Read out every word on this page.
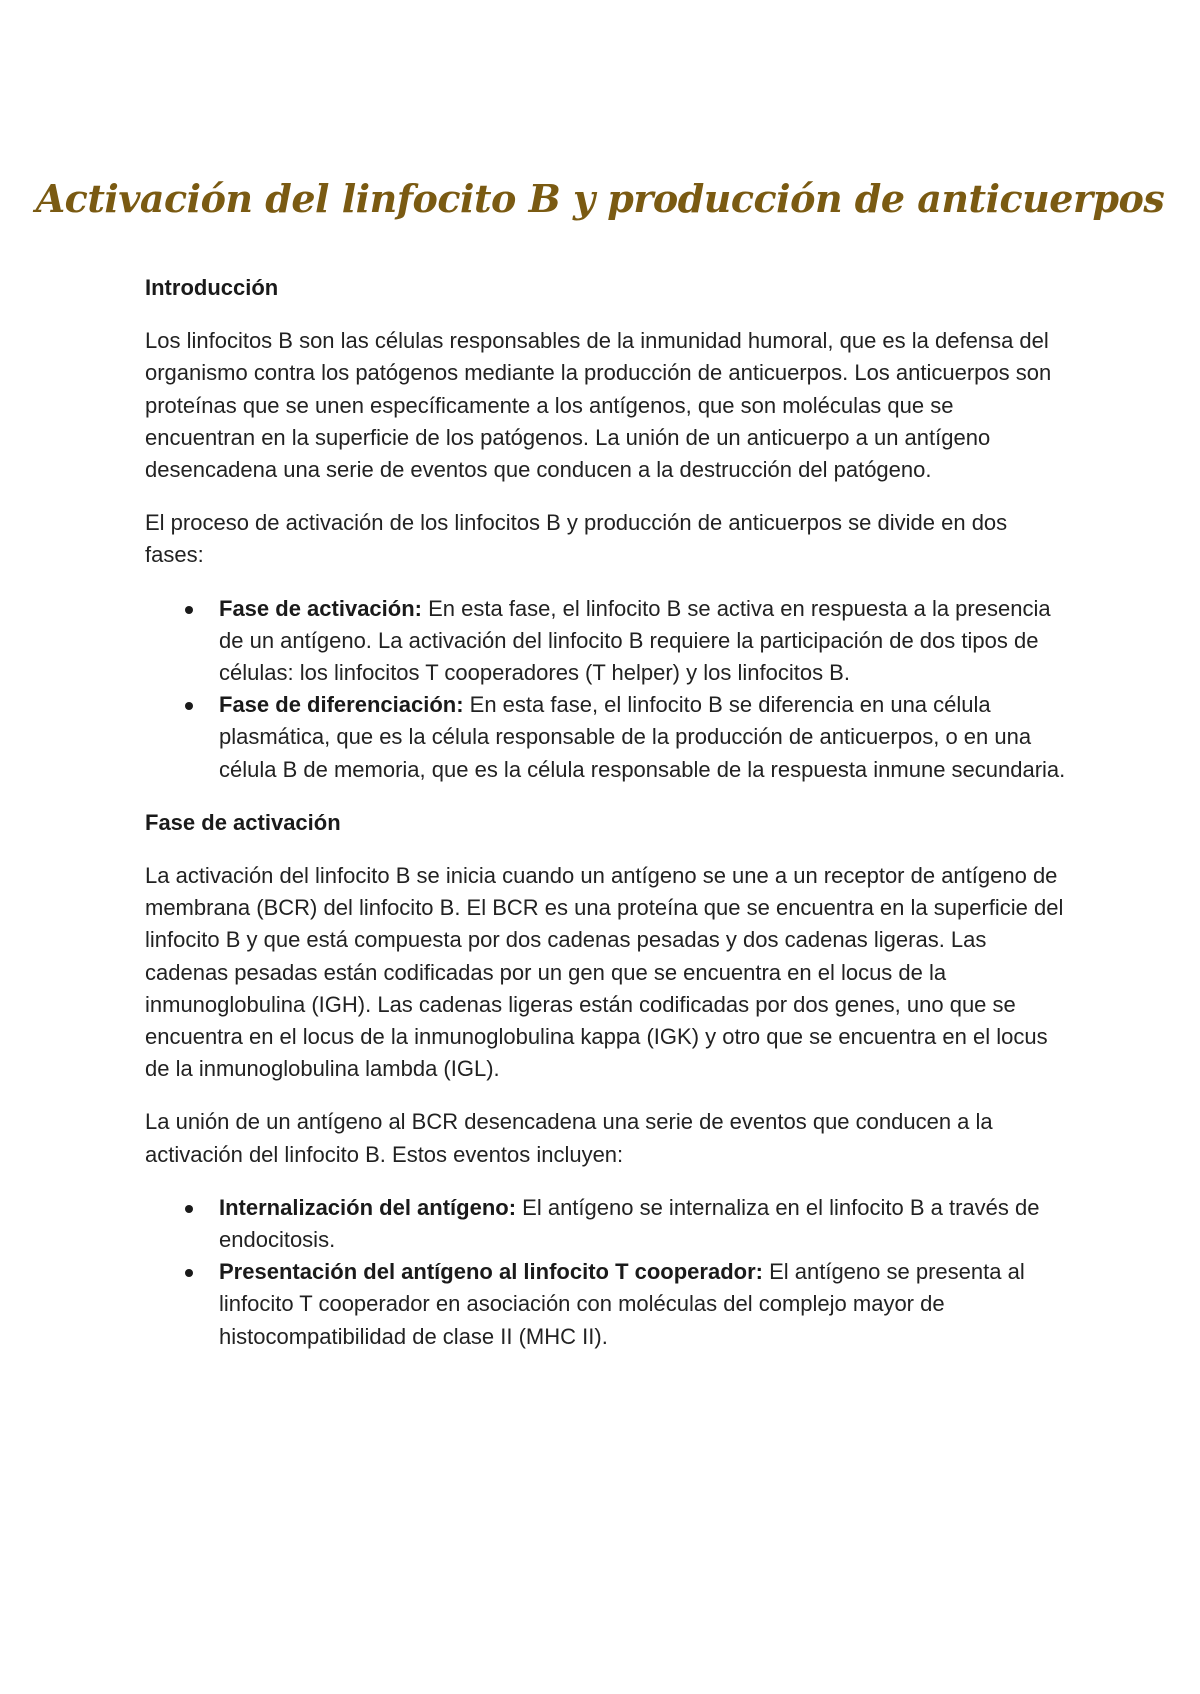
Activación del linfocito B y producción de anticuerpos

Introducción

Los linfocitos B son las células responsables de la inmunidad humoral, que es la defensa del organismo contra los patógenos mediante la producción de anticuerpos. Los anticuerpos son proteínas que se unen específicamente a los antígenos, que son moléculas que se encuentran en la superficie de los patógenos. La unión de un anticuerpo a un antígeno desencadena una serie de eventos que conducen a la destrucción del patógeno.

El proceso de activación de los linfocitos B y producción de anticuerpos se divide en dos fases:

Fase de activación: En esta fase, el linfocito B se activa en respuesta a la presencia de un antígeno. La activación del linfocito B requiere la participación de dos tipos de células: los linfocitos T cooperadores (T helper) y los linfocitos B.
Fase de diferenciación: En esta fase, el linfocito B se diferencia en una célula plasmática, que es la célula responsable de la producción de anticuerpos, o en una célula B de memoria, que es la célula responsable de la respuesta inmune secundaria.

Fase de activación

La activación del linfocito B se inicia cuando un antígeno se une a un receptor de antígeno de membrana (BCR) del linfocito B. El BCR es una proteína que se encuentra en la superficie del linfocito B y que está compuesta por dos cadenas pesadas y dos cadenas ligeras. Las cadenas pesadas están codificadas por un gen que se encuentra en el locus de la inmunoglobulina (IGH). Las cadenas ligeras están codificadas por dos genes, uno que se encuentra en el locus de la inmunoglobulina kappa (IGK) y otro que se encuentra en el locus de la inmunoglobulina lambda (IGL).

La unión de un antígeno al BCR desencadena una serie de eventos que conducen a la activación del linfocito B. Estos eventos incluyen:

Internalización del antígeno: El antígeno se internaliza en el linfocito B a través de endocitosis.
Presentación del antígeno al linfocito T cooperador: El antígeno se presenta al linfocito T cooperador en asociación con moléculas del complejo mayor de histocompatibilidad de clase II (MHC II).
